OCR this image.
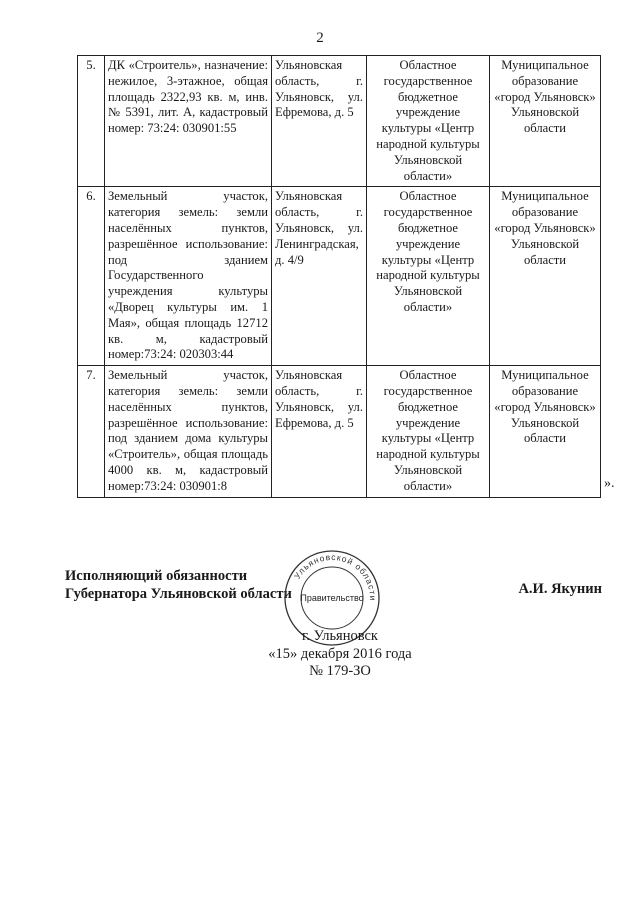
2
5.	ДК «Строитель», назначение: нежилое, 3-этажное, общая площадь 2322,93 кв. м, инв. № 5391, лит. А, кадастровый номер: 73:24: 030901:55	Ульяновская область, г. Ульяновск, ул. Ефремова, д. 5	Областное государственное бюджетное учреждение культуры «Центр народной культуры Ульяновской области»	Муниципальное образование «город Ульяновск» Ульяновской области
6.	Земельный участок, категория земель: земли населённых пунктов, разрешённое использование: под зданием Государственного учреждения культуры «Дворец культуры им. 1 Мая», общая площадь 12712 кв. м, кадастровый номер:73:24: 020303:44	Ульяновская область, г. Ульяновск, ул. Ленинградская, д. 4/9	Областное государственное бюджетное учреждение культуры «Центр народной культуры Ульяновской области»	Муниципальное образование «город Ульяновск» Ульяновской области
7.	Земельный участок, категория земель: земли населённых пунктов, разрешённое использование: под зданием дома культуры «Строитель», общая площадь 4000 кв. м, кадастровый номер:73:24: 030901:8	Ульяновская область, г. Ульяновск, ул. Ефремова, д. 5	Областное государственное бюджетное учреждение культуры «Центр народной культуры Ульяновской области»	Муниципальное образование «город Ульяновск» Ульяновской области
».
Исполняющий обязанности
Губернатора Ульяновской области
Ульяновской области
Правительство
А.И. Якунин
г. Ульяновск
«15» декабря 2016 года
№ 179-ЗО
